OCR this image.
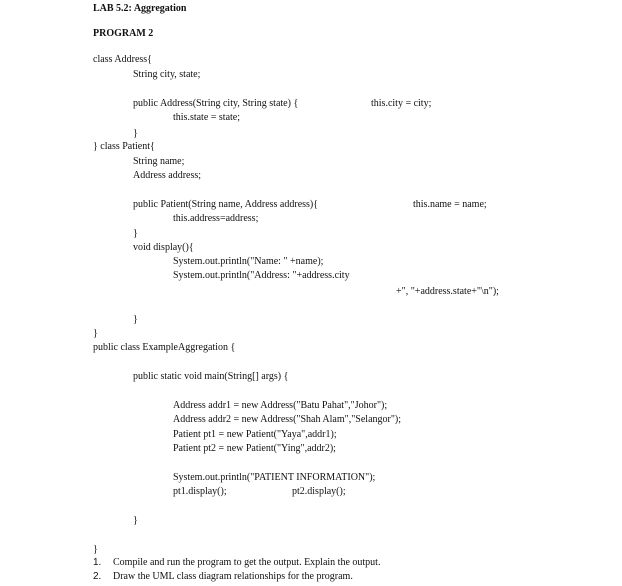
LAB 5.2: Aggregation
PROGRAM 2
class Address{
String city, state;
public Address(String city, String state) {	this.city = city;
this.state = state;
}
} class Patient{
String name;
Address address;
public Patient(String name, Address address){	this.name = name;
this.address=address;
}
void display(){
System.out.println("Name: " +name);
System.out.println("Address: "+address.city
+", "+address.state+"\n");
}
}
public class ExampleAggregation {
public static void main(String[] args) {
Address addr1 = new Address("Batu Pahat","Johor");
Address addr2 = new Address("Shah Alam","Selangor");
Patient pt1 = new Patient("Yaya",addr1);
Patient pt2 = new Patient("Ying",addr2);
System.out.println("PATIENT INFORMATION");
pt1.display();	pt2.display();
}
}
1. Compile and run the program to get the output. Explain the output.
2. Draw the UML class diagram relationships for the program.
